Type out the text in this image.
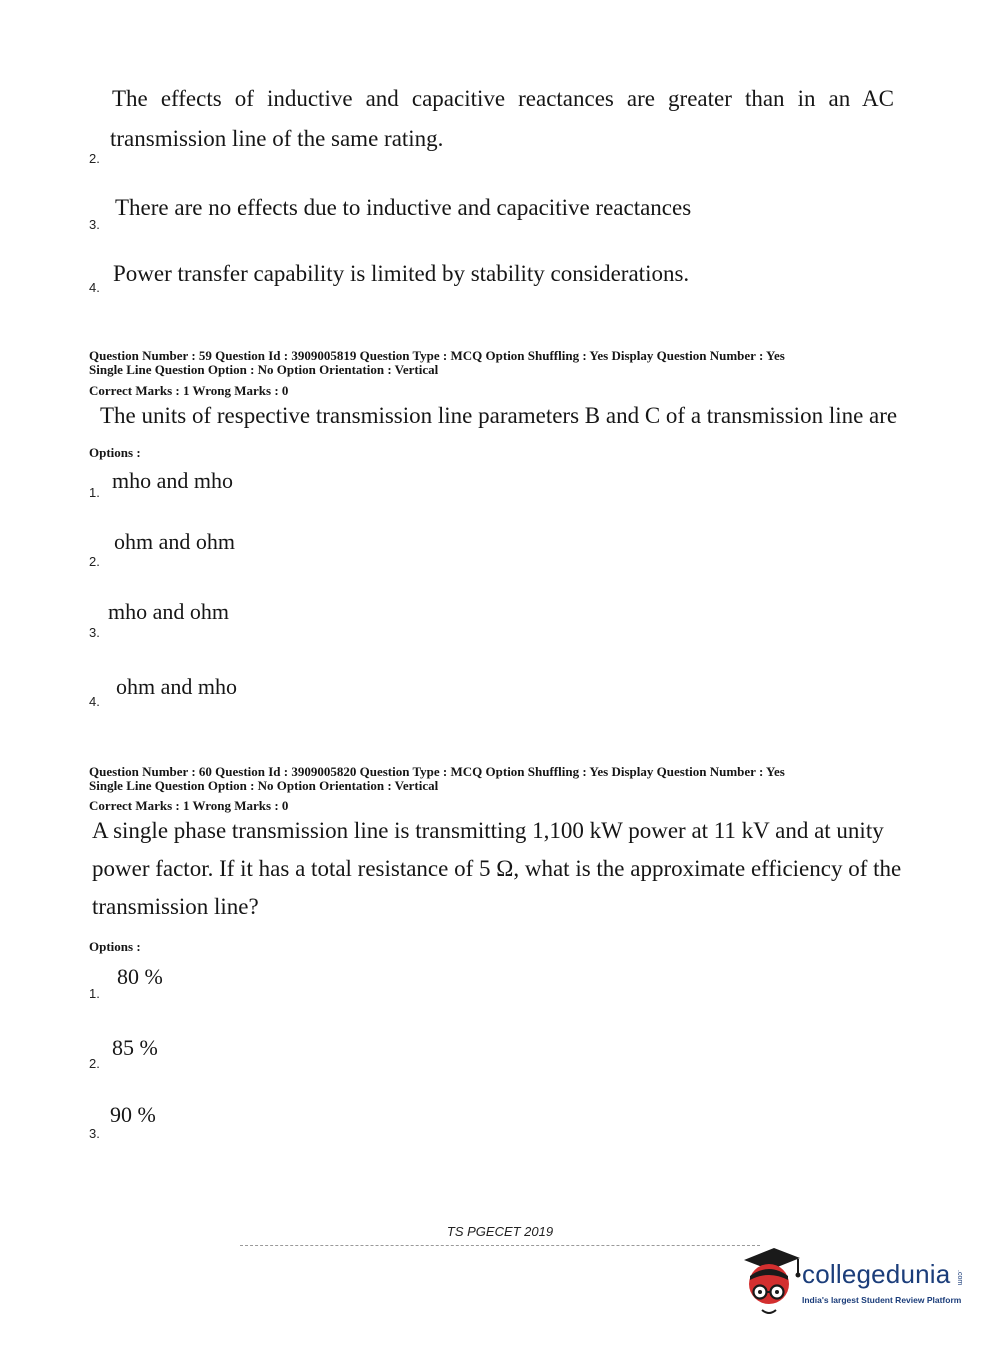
The effects of inductive and capacitive reactances are greater than in an AC
transmission line of the same rating.
2.
There are no effects due to inductive and capacitive reactances
3.
Power transfer capability is limited by stability considerations.
4.
Question Number : 59 Question Id : 3909005819 Question Type : MCQ Option Shuffling : Yes Display Question Number : Yes
Single Line Question Option : No Option Orientation : Vertical
Correct Marks : 1 Wrong Marks : 0
The units of respective transmission line parameters B and C of a transmission line are
Options :
mho and mho
1.
ohm and ohm
2.
mho and ohm
3.
ohm and mho
4.
Question Number : 60 Question Id : 3909005820 Question Type : MCQ Option Shuffling : Yes Display Question Number : Yes
Single Line Question Option : No Option Orientation : Vertical
Correct Marks : 1 Wrong Marks : 0
A single phase transmission line is transmitting 1,100 kW power at 11 kV and at unity
power factor. If it has a total resistance of 5 Ω, what is the approximate efficiency of the
transmission line?
Options :
80 %
1.
85 %
2.
90 %
3.
TS PGECET 2019
collegedunia .com
India's largest Student Review Platform
